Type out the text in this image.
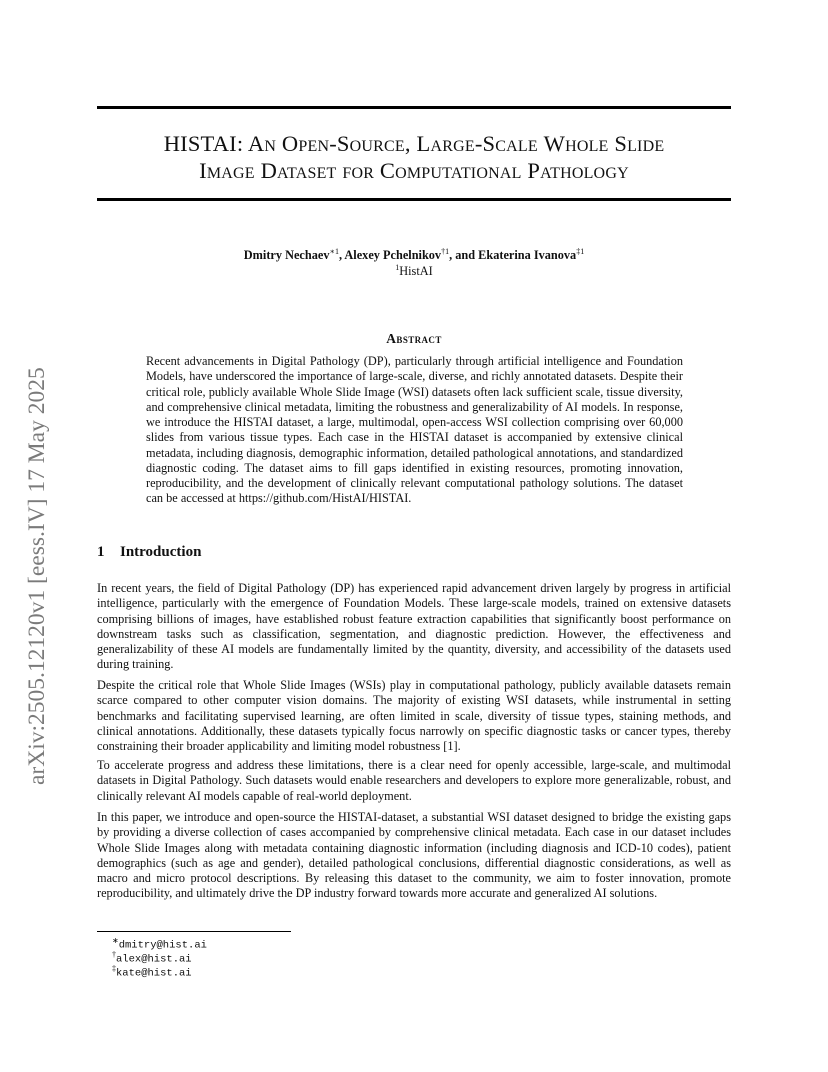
arXiv:2505.12120v1 [eess.IV] 17 May 2025
HISTAI: An Open-Source, Large-Scale Whole Slide
Image Dataset for Computational Pathology
Dmitry Nechaev$^{∗1}$, Alexey Pchelnikov$^{\dagger 1}$, and Ekaterina Ivanova$^{\ddagger 1}$
$^1$HistAI
Abstract
Recent advancements in Digital Pathology (DP), particularly through artificial intelligence and Foundation Models, have underscored the importance of large-scale, diverse, and richly annotated datasets. Despite their critical role, publicly available Whole Slide Image (WSI) datasets often lack sufficient scale, tissue diversity, and comprehensive clinical metadata, limiting the robustness and generalizability of AI models. In response, we introduce the HISTAI dataset, a large, multimodal, open-access WSI collection comprising over 60,000 slides from various tissue types. Each case in the HISTAI dataset is accompanied by extensive clinical metadata, including diagnosis, demographic information, detailed pathological annotations, and standardized diagnostic coding. The dataset aims to fill gaps identified in existing resources, promoting innovation, reproducibility, and the development of clinically relevant computational pathology solutions. The dataset can be accessed at https://github.com/HistAI/HISTAI.
1 Introduction

In recent years, the field of Digital Pathology (DP) has experienced rapid advancement driven largely by progress in artificial intelligence, particularly with the emergence of Foundation Models. These large-scale models, trained on extensive datasets comprising billions of images, have established robust feature extraction capabilities that significantly boost performance on downstream tasks such as classification, segmentation, and diagnostic prediction. However, the effectiveness and generalizability of these AI models are fundamentally limited by the quantity, diversity, and accessibility of the datasets used during training.

Despite the critical role that Whole Slide Images (WSIs) play in computational pathology, publicly available datasets remain scarce compared to other computer vision domains. The majority of existing WSI datasets, while instrumental in setting benchmarks and facilitating supervised learning, are often limited in scale, diversity of tissue types, staining methods, and clinical annotations. Additionally, these datasets typically focus narrowly on specific diagnostic tasks or cancer types, thereby constraining their broader applicability and limiting model robustness [1].

To accelerate progress and address these limitations, there is a clear need for openly accessible, large-scale, and multimodal datasets in Digital Pathology. Such datasets would enable researchers and developers to explore more generalizable, robust, and clinically relevant AI models capable of real-world deployment.

In this paper, we introduce and open-source the HISTAI-dataset, a substantial WSI dataset designed to bridge the existing gaps by providing a diverse collection of cases accompanied by comprehensive clinical metadata. Each case in our dataset includes Whole Slide Images along with metadata containing diagnostic information (including diagnosis and ICD-10 codes), patient demographics (such as age and gender), detailed pathological conclusions, differential diagnostic considerations, as well as macro and micro protocol descriptions. By releasing this dataset to the community, we aim to foster innovation, promote reproducibility, and ultimately drive the DP industry forward towards more accurate and generalized AI solutions.

∗dmitry@hist.ai
†alex@hist.ai
‡kate@hist.ai
